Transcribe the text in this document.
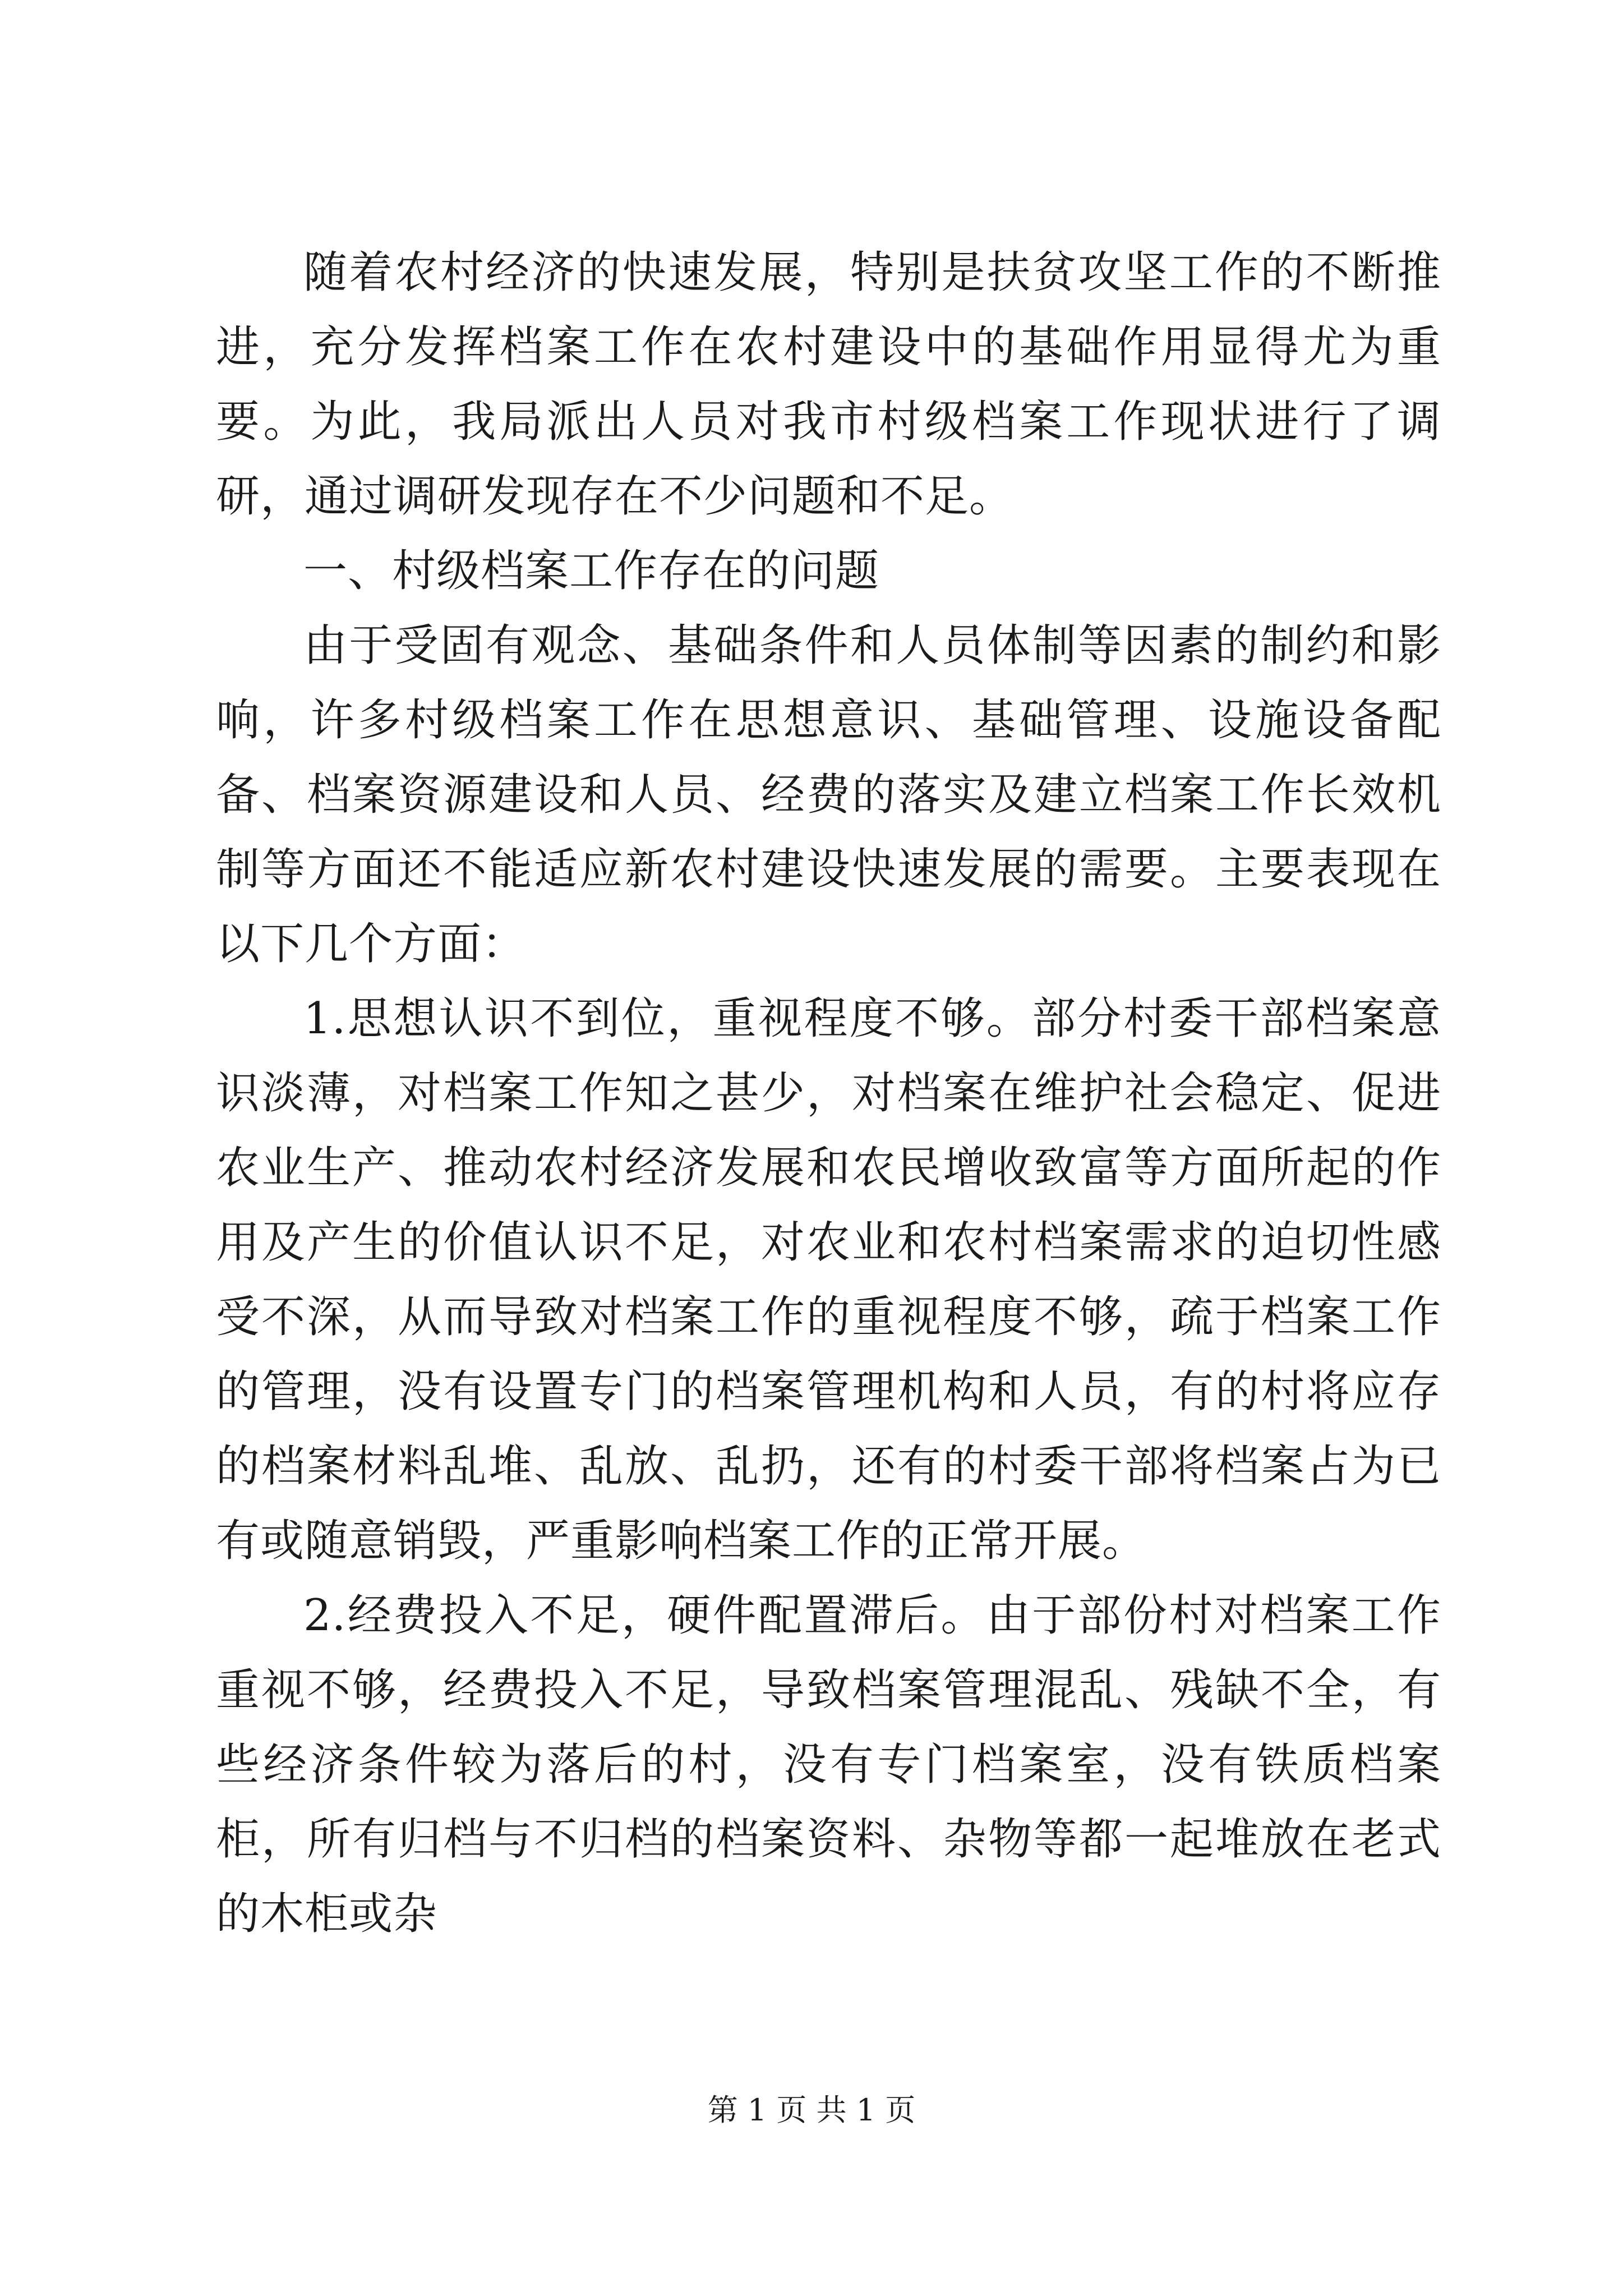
随着农村经济的快速发展，特别是扶贫攻坚工作的不断推进，充分发挥档案工作在农村建设中的基础作用显得尤为重要。为此，我局派出人员对我市村级档案工作现状进行了调研，通过调研发现存在不少问题和不足。

一、村级档案工作存在的问题

由于受固有观念、基础条件和人员体制等因素的制约和影响，许多村级档案工作在思想意识、基础管理、设施设备配备、档案资源建设和人员、经费的落实及建立档案工作长效机制等方面还不能适应新农村建设快速发展的需要。主要表现在以下几个方面：

1.思想认识不到位，重视程度不够。部分村委干部档案意识淡薄，对档案工作知之甚少，对档案在维护社会稳定、促进农业生产、推动农村经济发展和农民增收致富等方面所起的作用及产生的价值认识不足，对农业和农村档案需求的迫切性感受不深，从而导致对档案工作的重视程度不够，疏于档案工作的管理，没有设置专门的档案管理机构和人员，有的村将应存的档案材料乱堆、乱放、乱扔，还有的村委干部将档案占为已有或随意销毁，严重影响档案工作的正常开展。

2.经费投入不足，硬件配置滞后。由于部份村对档案工作重视不够，经费投入不足，导致档案管理混乱、残缺不全，有些经济条件较为落后的村，没有专门档案室，没有铁质档案柜，所有归档与不归档的档案资料、杂物等都一起堆放在老式的木柜或杂

第 1 页 共 1 页
